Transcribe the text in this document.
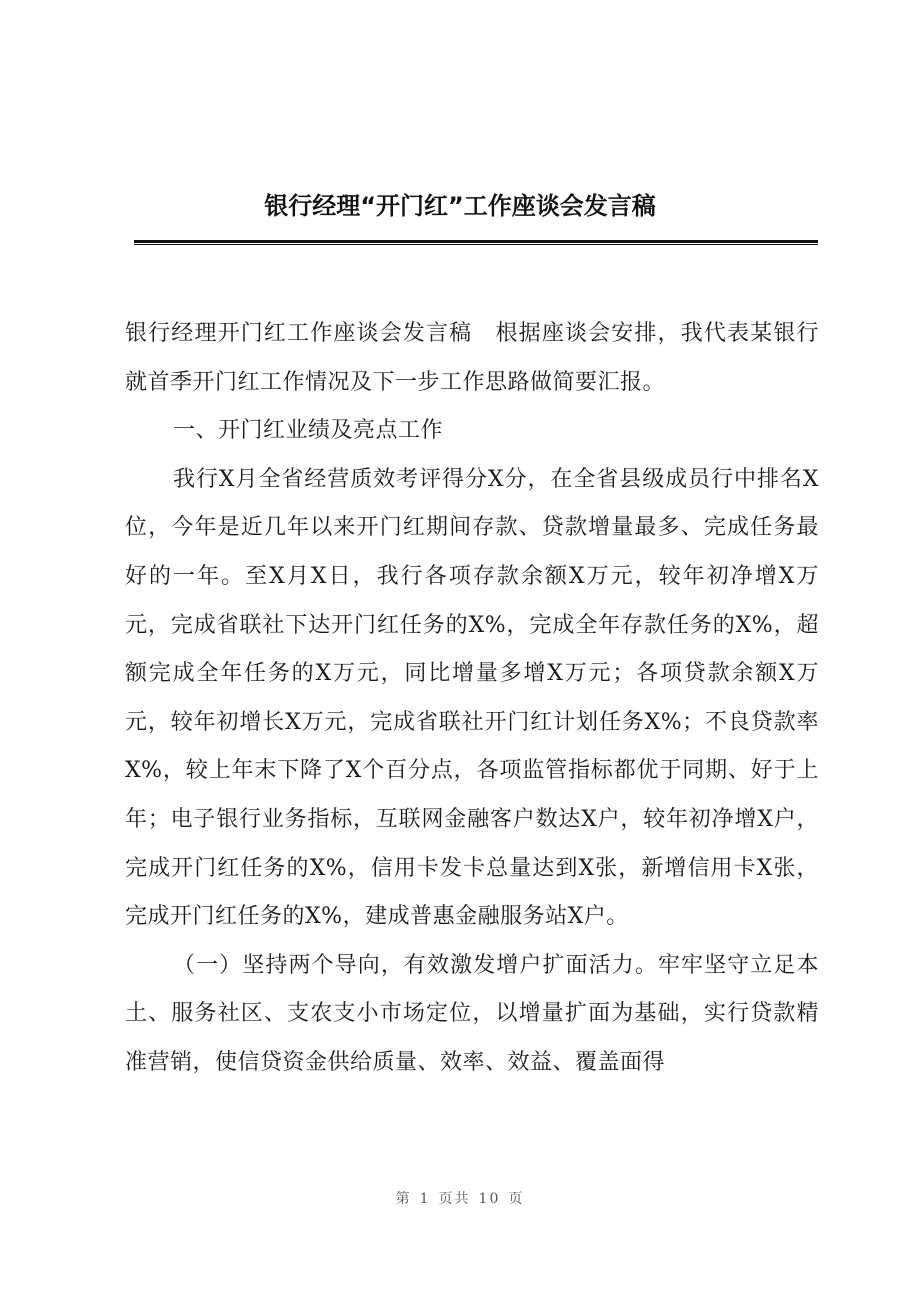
银行经理“开门红”工作座谈会发言稿

银行经理开门红工作座谈会发言稿　根据座谈会安排，我代表某银行就首季开门红工作情况及下一步工作思路做简要汇报。

一、开门红业绩及亮点工作

我行X月全省经营质效考评得分X分，在全省县级成员行中排名X位，今年是近几年以来开门红期间存款、贷款增量最多、完成任务最好的一年。至X月X日，我行各项存款余额X万元，较年初净增X万元，完成省联社下达开门红任务的X%，完成全年存款任务的X%，超额完成全年任务的X万元，同比增量多增X万元；各项贷款余额X万元，较年初增长X万元，完成省联社开门红计划任务X%；不良贷款率X%，较上年末下降了X个百分点，各项监管指标都优于同期、好于上年；电子银行业务指标，互联网金融客户数达X户，较年初净增X户，完成开门红任务的X%，信用卡发卡总量达到X张，新增信用卡X张，完成开门红任务的X%，建成普惠金融服务站X户。

（一）坚持两个导向，有效激发增户扩面活力。牢牢坚守立足本土、服务社区、支农支小市场定位，以增量扩面为基础，实行贷款精准营销，使信贷资金供给质量、效率、效益、覆盖面得

第 1 页共 10 页
